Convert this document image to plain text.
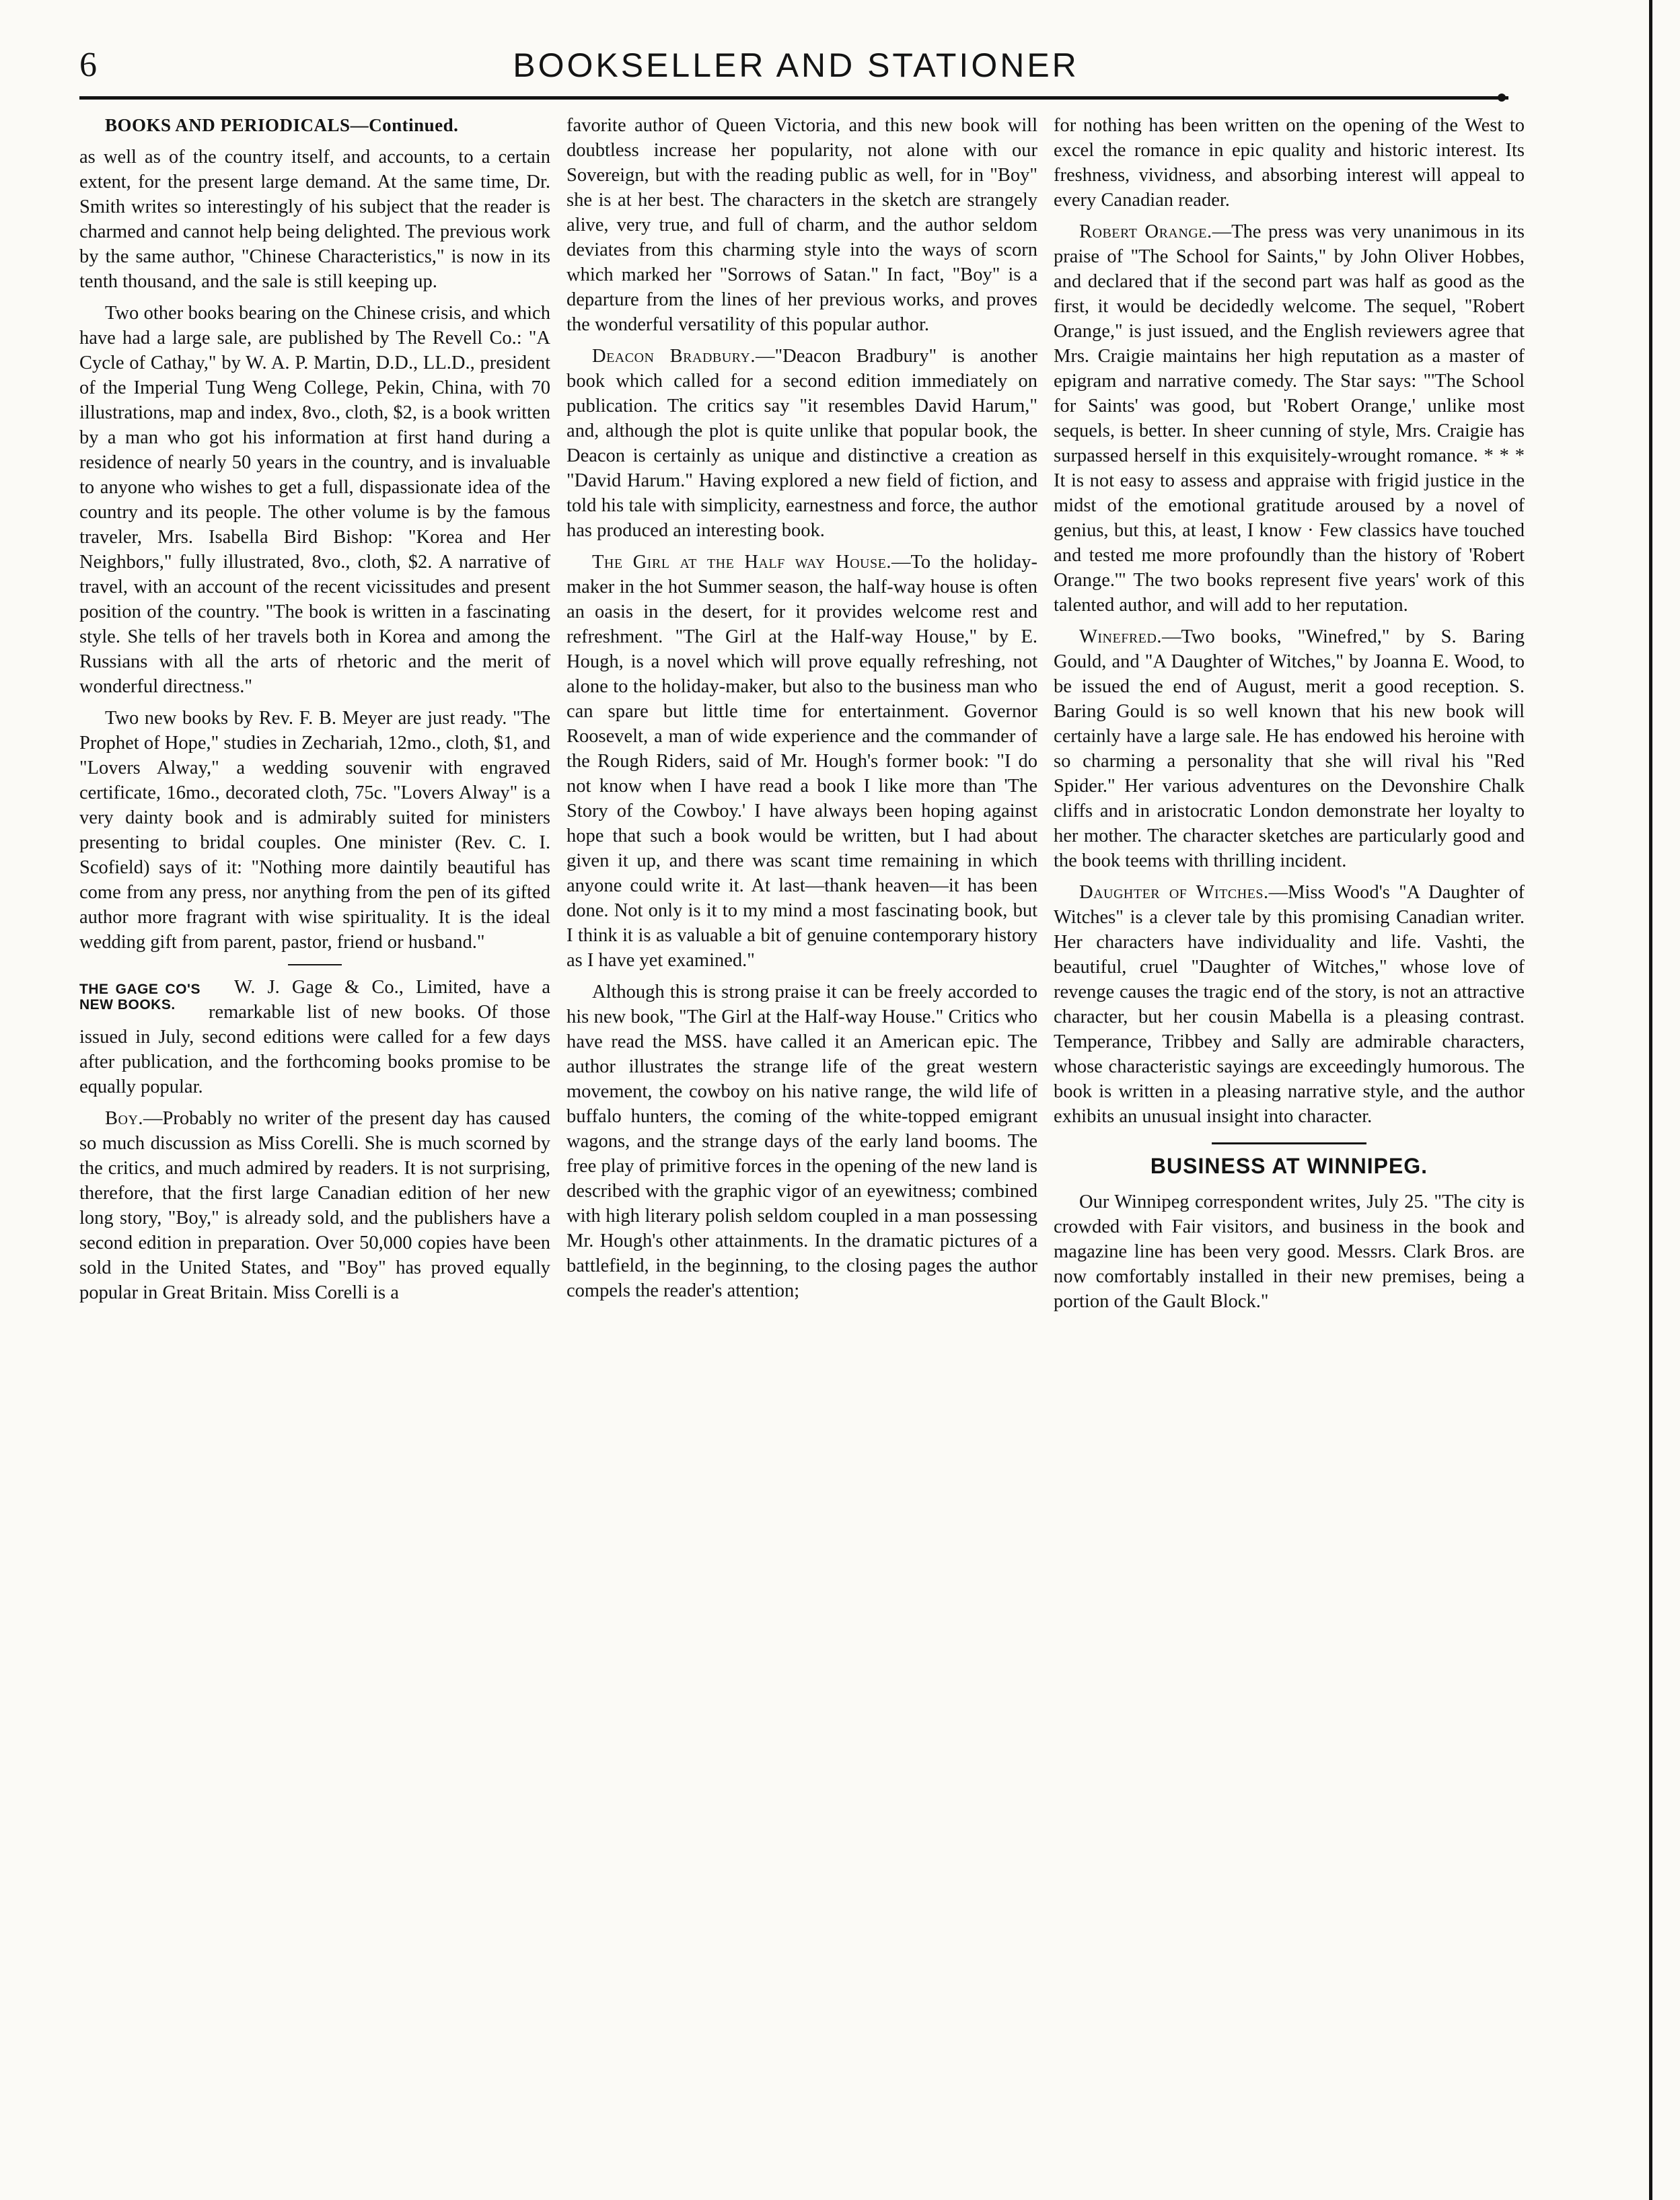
6	BOOKSELLER AND STATIONER

BOOKS AND PERIODICALS—Continued.

as well as of the country itself, and accounts, to a certain extent, for the present large demand. At the same time, Dr. Smith writes so interestingly of his subject that the reader is charmed and cannot help being delighted. The previous work by the same author, "Chinese Characteristics," is now in its tenth thousand, and the sale is still keeping up.

Two other books bearing on the Chinese crisis, and which have had a large sale, are published by The Revell Co.: "A Cycle of Cathay," by W. A. P. Martin, D.D., LL.D., president of the Imperial Tung Weng College, Pekin, China, with 70 illustrations, map and index, 8vo., cloth, $2, is a book written by a man who got his information at first hand during a residence of nearly 50 years in the country, and is invaluable to anyone who wishes to get a full, dispassionate idea of the country and its people. The other volume is by the famous traveler, Mrs. Isabella Bird Bishop: "Korea and Her Neighbors," fully illustrated, 8vo., cloth, $2. A narrative of travel, with an account of the recent vicissitudes and present position of the country. "The book is written in a fascinating style. She tells of her travels both in Korea and among the Russians with all the arts of rhetoric and the merit of wonderful directness."

Two new books by Rev. F. B. Meyer are just ready. "The Prophet of Hope," studies in Zechariah, 12mo., cloth, $1, and "Lovers Alway," a wedding souvenir with engraved certificate, 16mo., decorated cloth, 75c. "Lovers Alway" is a very dainty book and is admirably suited for ministers presenting to bridal couples. One minister (Rev. C. I. Scofield) says of it: "Nothing more daintily beautiful has come from any press, nor anything from the pen of its gifted author more fragrant with wise spirituality. It is the ideal wedding gift from parent, pastor, friend or husband."

THE GAGE CO'S NEW BOOKS.

W. J. Gage & Co., Limited, have a remarkable list of new books. Of those issued in July, second editions were called for a few days after publication, and the forthcoming books promise to be equally popular.

Boy.—Probably no writer of the present day has caused so much discussion as Miss Corelli. She is much scorned by the critics, and much admired by readers. It is not surprising, therefore, that the first large Canadian edition of her new long story, "Boy," is already sold, and the publishers have a second edition in preparation. Over 50,000 copies have been sold in the United States, and "Boy" has proved equally popular in Great Britain. Miss Corelli is a

favorite author of Queen Victoria, and this new book will doubtless increase her popularity, not alone with our Sovereign, but with the reading public as well, for in "Boy" she is at her best. The characters in the sketch are strangely alive, very true, and full of charm, and the author seldom deviates from this charming style into the ways of scorn which marked her "Sorrows of Satan." In fact, "Boy" is a departure from the lines of her previous works, and proves the wonderful versatility of this popular author.

Deacon Bradbury.—"Deacon Bradbury" is another book which called for a second edition immediately on publication. The critics say "it resembles David Harum," and, although the plot is quite unlike that popular book, the Deacon is certainly as unique and distinctive a creation as "David Harum." Having explored a new field of fiction, and told his tale with simplicity, earnestness and force, the author has produced an interesting book.

The Girl at the Half way House.—To the holiday-maker in the hot Summer season, the half-way house is often an oasis in the desert, for it provides welcome rest and refreshment. "The Girl at the Half-way House," by E. Hough, is a novel which will prove equally refreshing, not alone to the holiday-maker, but also to the business man who can spare but little time for entertainment. Governor Roosevelt, a man of wide experience and the commander of the Rough Riders, said of Mr. Hough's former book: "I do not know when I have read a book I like more than 'The Story of the Cowboy.' I have always been hoping against hope that such a book would be written, but I had about given it up, and there was scant time remaining in which anyone could write it. At last—thank heaven—it has been done. Not only is it to my mind a most fascinating book, but I think it is as valuable a bit of genuine contemporary history as I have yet examined."

Although this is strong praise it can be freely accorded to his new book, "The Girl at the Half-way House." Critics who have read the MSS. have called it an American epic. The author illustrates the strange life of the great western movement, the cowboy on his native range, the wild life of buffalo hunters, the coming of the white-topped emigrant wagons, and the strange days of the early land booms. The free play of primitive forces in the opening of the new land is described with the graphic vigor of an eyewitness; combined with high literary polish seldom coupled in a man possessing Mr. Hough's other attainments. In the dramatic pictures of a battlefield, in the beginning, to the closing pages the author compels the reader's attention;

for nothing has been written on the opening of the West to excel the romance in epic quality and historic interest. Its freshness, vividness, and absorbing interest will appeal to every Canadian reader.

Robert Orange.—The press was very unanimous in its praise of "The School for Saints," by John Oliver Hobbes, and declared that if the second part was half as good as the first, it would be decidedly welcome. The sequel, "Robert Orange," is just issued, and the English reviewers agree that Mrs. Craigie maintains her high reputation as a master of epigram and narrative comedy. The Star says: "'The School for Saints' was good, but 'Robert Orange,' unlike most sequels, is better. In sheer cunning of style, Mrs. Craigie has surpassed herself in this exquisitely-wrought romance. * * * It is not easy to assess and appraise with frigid justice in the midst of the emotional gratitude aroused by a novel of genius, but this, at least, I know · Few classics have touched and tested me more profoundly than the history of 'Robert Orange.'" The two books represent five years' work of this talented author, and will add to her reputation.

Winefred.—Two books, "Winefred," by S. Baring Gould, and "A Daughter of Witches," by Joanna E. Wood, to be issued the end of August, merit a good reception. S. Baring Gould is so well known that his new book will certainly have a large sale. He has endowed his heroine with so charming a personality that she will rival his "Red Spider." Her various adventures on the Devonshire Chalk cliffs and in aristocratic London demonstrate her loyalty to her mother. The character sketches are particularly good and the book teems with thrilling incident.

Daughter of Witches.—Miss Wood's "A Daughter of Witches" is a clever tale by this promising Canadian writer. Her characters have individuality and life. Vashti, the beautiful, cruel "Daughter of Witches," whose love of revenge causes the tragic end of the story, is not an attractive character, but her cousin Mabella is a pleasing contrast. Temperance, Tribbey and Sally are admirable characters, whose characteristic sayings are exceedingly humorous. The book is written in a pleasing narrative style, and the author exhibits an unusual insight into character.

BUSINESS AT WINNIPEG.

Our Winnipeg correspondent writes, July 25. "The city is crowded with Fair visitors, and business in the book and magazine line has been very good. Messrs. Clark Bros. are now comfortably installed in their new premises, being a portion of the Gault Block."
